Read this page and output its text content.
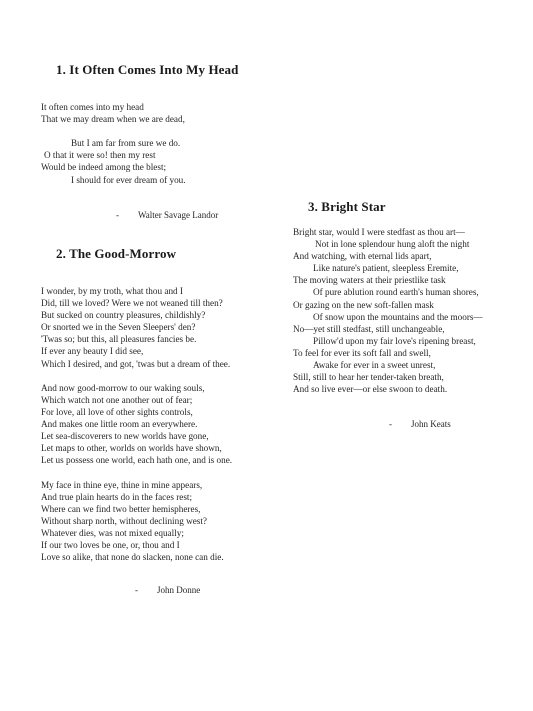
1. It Often Comes Into My Head
It often comes into my head
That we may dream when we are dead,
But I am far from sure we do.
O that it were so! then my rest
Would be indeed among the blest;
I should for ever dream of you.

- Walter Savage Landor

2. The Good-Morrow
I wonder, by my troth, what thou and I
Did, till we loved? Were we not weaned till then?
But sucked on country pleasures, childishly?
Or snorted we in the Seven Sleepers' den?
'Twas so; but this, all pleasures fancies be.
If ever any beauty I did see,
Which I desired, and got, 'twas but a dream of thee.
And now good-morrow to our waking souls,
Which watch not one another out of fear;
For love, all love of other sights controls,
And makes one little room an everywhere.
Let sea-discoverers to new worlds have gone,
Let maps to other, worlds on worlds have shown,
Let us possess one world, each hath one, and is one.
My face in thine eye, thine in mine appears,
And true plain hearts do in the faces rest;
Where can we find two better hemispheres,
Without sharp north, without declining west?
Whatever dies, was not mixed equally;
If our two loves be one, or, thou and I
Love so alike, that none do slacken, none can die.

- John Donne

3. Bright Star
Bright star, would I were stedfast as thou art—
Not in lone splendour hung aloft the night
And watching, with eternal lids apart,
Like nature's patient, sleepless Eremite,
The moving waters at their priestlike task
Of pure ablution round earth's human shores,
Or gazing on the new soft-fallen mask
Of snow upon the mountains and the moors—
No—yet still stedfast, still unchangeable,
Pillow'd upon my fair love's ripening breast,
To feel for ever its soft fall and swell,
Awake for ever in a sweet unrest,
Still, still to hear her tender-taken breath,
And so live ever—or else swoon to death.

- John Keats
